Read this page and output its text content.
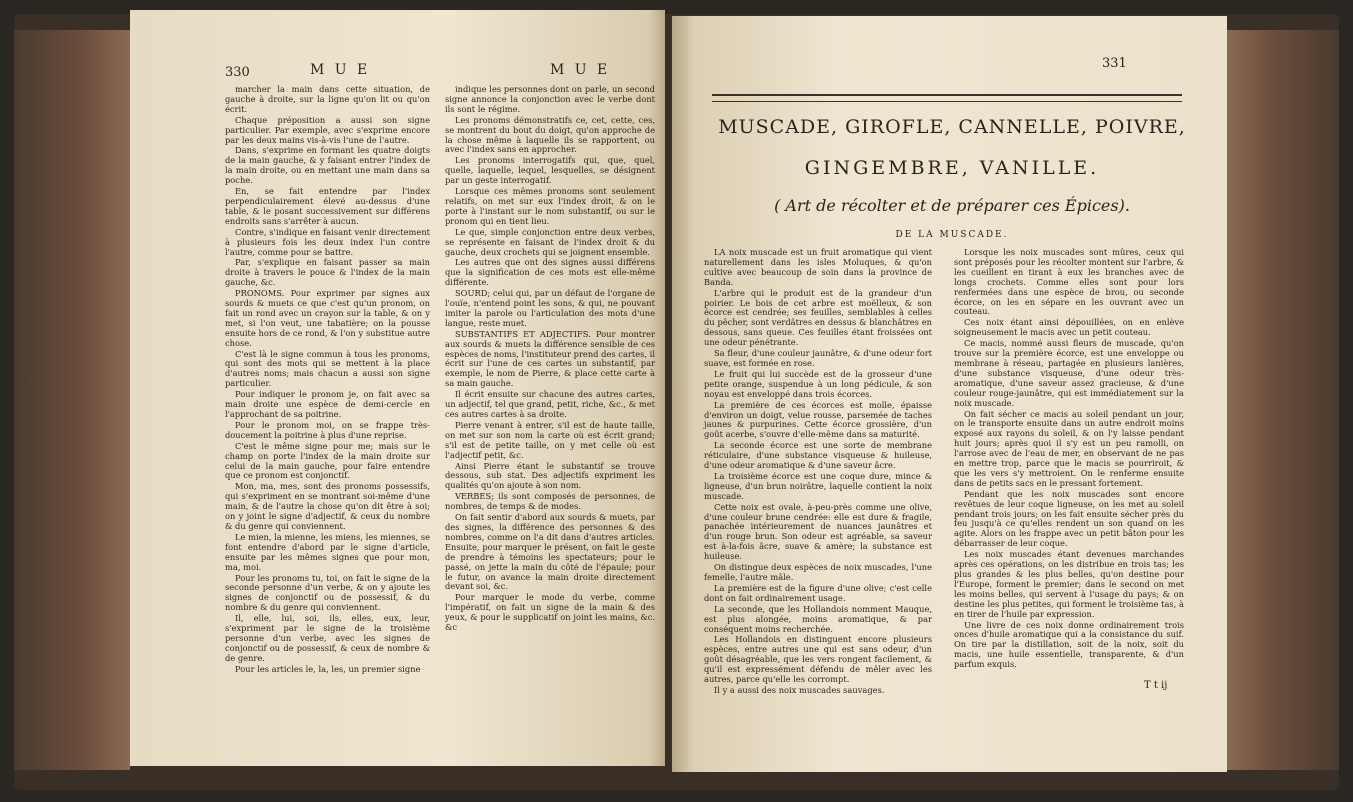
330	M U E	M U E

marcher la main dans cette situation, de gauche à droite, sur la ligne qu'on lit ou qu'on écrit.

Chaque préposition a aussi son signe particulier. Par exemple, avec s'exprime encore par les deux mains vis-à-vis l'une de l'autre.

Dans, s'exprime en formant les quatre doigts de la main gauche, & y faisant entrer l'index de la main droite, ou en mettant une main dans sa poche.

En, se fait entendre par l'index perpendiculairement élevé au-dessus d'une table, & le posant successivement sur différens endroits sans s'arrêter à aucun.

Contre, s'indique en faisant venir directement à plusieurs fois les deux index l'un contre l'autre, comme pour se battre.

Par, s'explique en faisant passer sa main droite à travers le pouce & l'index de la main gauche, &c.

PRONOMS. Pour exprimer par signes aux sourds & muets ce que c'est qu'un pronom, on fait un rond avec un crayon sur la table, & on y met, si l'on veut, une tabatière; on la pousse ensuite hors de ce rond, & l'on y substitue autre chose.

C'est là le signe commun à tous les pronoms, qui sont des mots qui se mettent à la place d'autres noms; mais chacun a aussi son signe particulier.

Pour indiquer le pronom je, on fait avec sa main droite une espèce de demi-cercle en l'approchant de sa poitrine.

Pour le pronom moi, on se frappe très-doucement la poitrine à plus d'une reprise.

C'est le même signe pour me; mais sur le champ on porte l'index de la main droite sur celui de la main gauche, pour faire entendre que ce pronom est conjonctif.

Mon, ma, mes, sont des pronoms possessifs, qui s'expriment en se montrant soi-même d'une main, & de l'autre la chose qu'on dit être à soi; on y joint le signe d'adjectif, & ceux du nombre & du genre qui conviennent.

Le mien, la mienne, les miens, les miennes, se font entendre d'abord par le signe d'article, ensuite par les mêmes signes que pour mon, ma, moi.

Pour les pronoms tu, toi, on fait le signe de la seconde personne d'un verbe, & on y ajoute les signes de conjonctif ou de possessif, & du nombre & du genre qui conviennent.

Il, elle, lui, soi, ils, elles, eux, leur, s'expriment par le signe de la troisième personne d'un verbe, avec les signes de conjonctif ou de possessif, & ceux de nombre & de genre.

Pour les articles le, la, les, un premier signe

indique les personnes dont on parle, un second signe annonce la conjonction avec le verbe dont ils sont le régime.

Les pronoms démonstratifs ce, cet, cette, ces, se montrent du bout du doigt, qu'on approche de la chose même à laquelle ils se rapportent, ou avec l'index sans en approcher.

Les pronoms interrogatifs qui, que, quel, quelle, laquelle, lequel, lesquelles, se désignent par un geste interrogatif.

Lorsque ces mêmes pronoms sont seulement relatifs, on met sur eux l'index droit, & on le porte à l'instant sur le nom substantif, ou sur le pronom qui en tient lieu.

Le que, simple conjonction entre deux verbes, se représente en faisant de l'index droit & du gauche, deux crochets qui se joignent ensemble.

Les autres que ont des signes aussi différens que la signification de ces mots est elle-même différente.

SOURD; celui qui, par un défaut de l'organe de l'ouïe, n'entend point les sons, & qui, ne pouvant imiter la parole ou l'articulation des mots d'une langue, reste muet.

SUBSTANTIFS ET ADJECTIFS. Pour montrer aux sourds & muets la différence sensible de ces espèces de noms, l'instituteur prend des cartes, il écrit sur l'une de ces cartes un substantif, par exemple, le nom de Pierre, & place cette carte à sa main gauche.

Il écrit ensuite sur chacune des autres cartes, un adjectif, tel que grand, petit, riche, &c., & met ces autres cartes à sa droite.

Pierre venant à entrer, s'il est de haute taille, on met sur son nom la carte où est écrit grand; s'il est de petite taille, on y met celle où est l'adjectif petit, &c.

Ainsi Pierre étant le substantif se trouve dessous, sub stat. Des adjectifs expriment les qualités qu'on ajoute à son nom.

VERBES; ils sont composés de personnes, de nombres, de temps & de modes.

On fait sentir d'abord aux sourds & muets, par des signes, la différence des personnes & des nombres, comme on l'a dit dans d'autres articles. Ensuite, pour marquer le présent, on fait le geste de prendre à témoins les spectateurs; pour le passé, on jette la main du côté de l'épaule; pour le futur, on avance la main droite directement devant soi, &c.

Pour marquer le mode du verbe, comme l'impératif, on fait un signe de la main & des yeux, & pour le supplicatif on joint les mains, &c. &c

331
MUSCADE, GIROFLE, CANNELLE, POIVRE,
GINGEMBRE, VANILLE.
( Art de récolter et de préparer ces Épices).
DE LA MUSCADE.

LA noix muscade est un fruit aromatique qui vient naturellement dans les isles Moluques, & qu'on cultive avec beaucoup de soin dans la province de Banda.

L'arbre qui le produit est de la grandeur d'un poirier. Le bois de cet arbre est moëlleux, & son écorce est cendrée; ses feuilles, semblables à celles du pêcher, sont verdâtres en dessus & blanchâtres en dessous, sans queue. Ces feuilles étant froissées ont une odeur pénétrante.

Sa fleur, d'une couleur jaunâtre, & d'une odeur fort suave, est formée en rose.

Le fruit qui lui succède est de la grosseur d'une petite orange, suspendue à un long pédicule, & son noyau est enveloppé dans trois écorces.

La première de ces écorces est molle, épaisse d'environ un doigt, velue rousse, parsemée de taches jaunes & purpurines. Cette écorce grossière, d'un goût acerbe, s'ouvre d'elle-même dans sa maturité.

La seconde écorce est une sorte de membrane réticulaire, d'une substance visqueuse & huileuse, d'une odeur aromatique & d'une saveur âcre.

La troisième écorce est une coque dure, mince & ligneuse, d'un brun noirâtre, laquelle contient la noix muscade.

Cette noix est ovale, à-peu-près comme une olive, d'une couleur brune cendrée: elle est dure & fragile, panachée intérieurement de nuances jaunâtres et d'un rouge brun. Son odeur est agréable, sa saveur est à-la-fois âcre, suave & amère; la substance est huileuse.

On distingue deux espèces de noix muscades, l'une femelle, l'autre mâle.

La première est de la figure d'une olive; c'est celle dont on fait ordinairement usage.

La seconde, que les Hollandois nomment Mauque, est plus alongée, moins aromatique, & par conséquent moins recherchée.

Les Hollandois en distinguent encore plusieurs espèces, entre autres une qui est sans odeur, d'un goût désagréable, que les vers rongent facilement, & qu'il est expressément défendu de mêler avec les autres, parce qu'elle les corrompt.

Il y a aussi des noix muscades sauvages.

Lorsque les noix muscades sont mûres, ceux qui sont préposés pour les récolter montent sur l'arbre, & les cueillent en tirant à eux les branches avec de longs crochets. Comme elles sont pour lors renfermées dans une espèce de brou, ou seconde écorce, on les en sépare en les ouvrant avec un couteau.

Ces noix étant ainsi dépouillées, on en enlève soigneusement le macis avec un petit couteau.

Ce macis, nommé aussi fleurs de muscade, qu'on trouve sur la première écorce, est une enveloppe ou membrane à réseau, partagée en plusieurs lanières, d'une substance visqueuse, d'une odeur très-aromatique, d'une saveur assez gracieuse, & d'une couleur rouge-jaunâtre, qui est immédiatement sur la noix muscade.

On fait sécher ce macis au soleil pendant un jour, on le transporte ensuite dans un autre endroit moins exposé aux rayons du soleil, & on l'y laisse pendant huit jours; après quoi il s'y est un peu ramolli, on l'arrose avec de l'eau de mer, en observant de ne pas en mettre trop, parce que le macis se pourriroit, & que les vers s'y mettroient. On le renferme ensuite dans de petits sacs en le pressant fortement.

Pendant que les noix muscades sont encore revêtues de leur coque ligneuse, on les met au soleil pendant trois jours; on les fait ensuite sécher près du feu jusqu'à ce qu'elles rendent un son quand on les agite. Alors on les frappe avec un petit bâton pour les débarrasser de leur coque.

Les noix muscades étant devenues marchandes après ces opérations, on les distribue en trois tas; les plus grandes & les plus belles, qu'on destine pour l'Europe, forment le premier; dans le second on met les moins belles, qui servent à l'usage du pays; & on destine les plus petites, qui forment le troisième tas, à en tirer de l'huile par expression.

Une livre de ces noix donne ordinairement trois onces d'huile aromatique qui a la consistance du suif. On tire par la distillation, soit de la noix, soit du macis, une huile essentielle, transparente, & d'un parfum exquis.

T t ij
